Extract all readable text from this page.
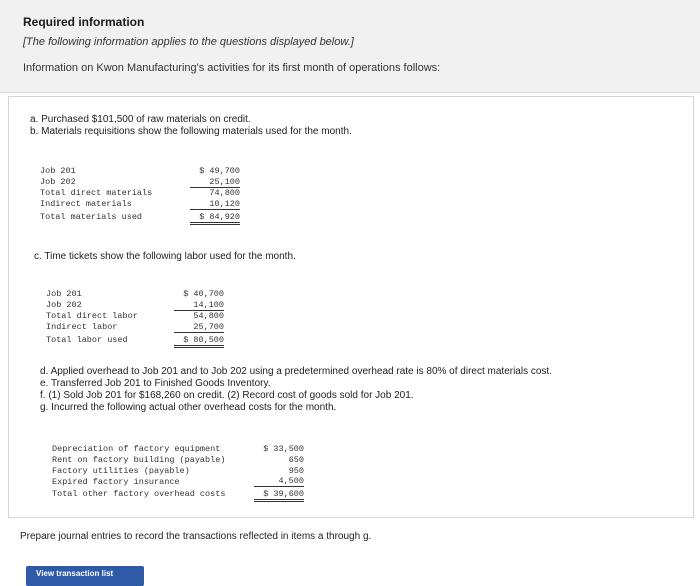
Required information
[The following information applies to the questions displayed below.]
Information on Kwon Manufacturing's activities for its first month of operations follows:
a. Purchased $101,500 of raw materials on credit.
b. Materials requisitions show the following materials used for the month.
Job 201
Job 202
Total direct materials
Indirect materials
Total materials used
$ 49,700
25,100
74,800
10,120
$ 84,920
c. Time tickets show the following labor used for the month.
Job 201
Job 202
Total direct labor
Indirect labor
Total labor used
$ 40,700
14,100
54,800
25,700
$ 80,500
d. Applied overhead to Job 201 and to Job 202 using a predetermined overhead rate is 80% of direct materials cost.
e. Transferred Job 201 to Finished Goods Inventory.
f. (1) Sold Job 201 for $168,260 on credit. (2) Record cost of goods sold for Job 201.
g. Incurred the following actual other overhead costs for the month.
Depreciation of factory equipment
Rent on factory building (payable)
Factory utilities (payable)
Expired factory insurance
Total other factory overhead costs
$ 33,500
650
950
4,500
$ 39,600
Prepare journal entries to record the transactions reflected in items a through g.
View transaction list
